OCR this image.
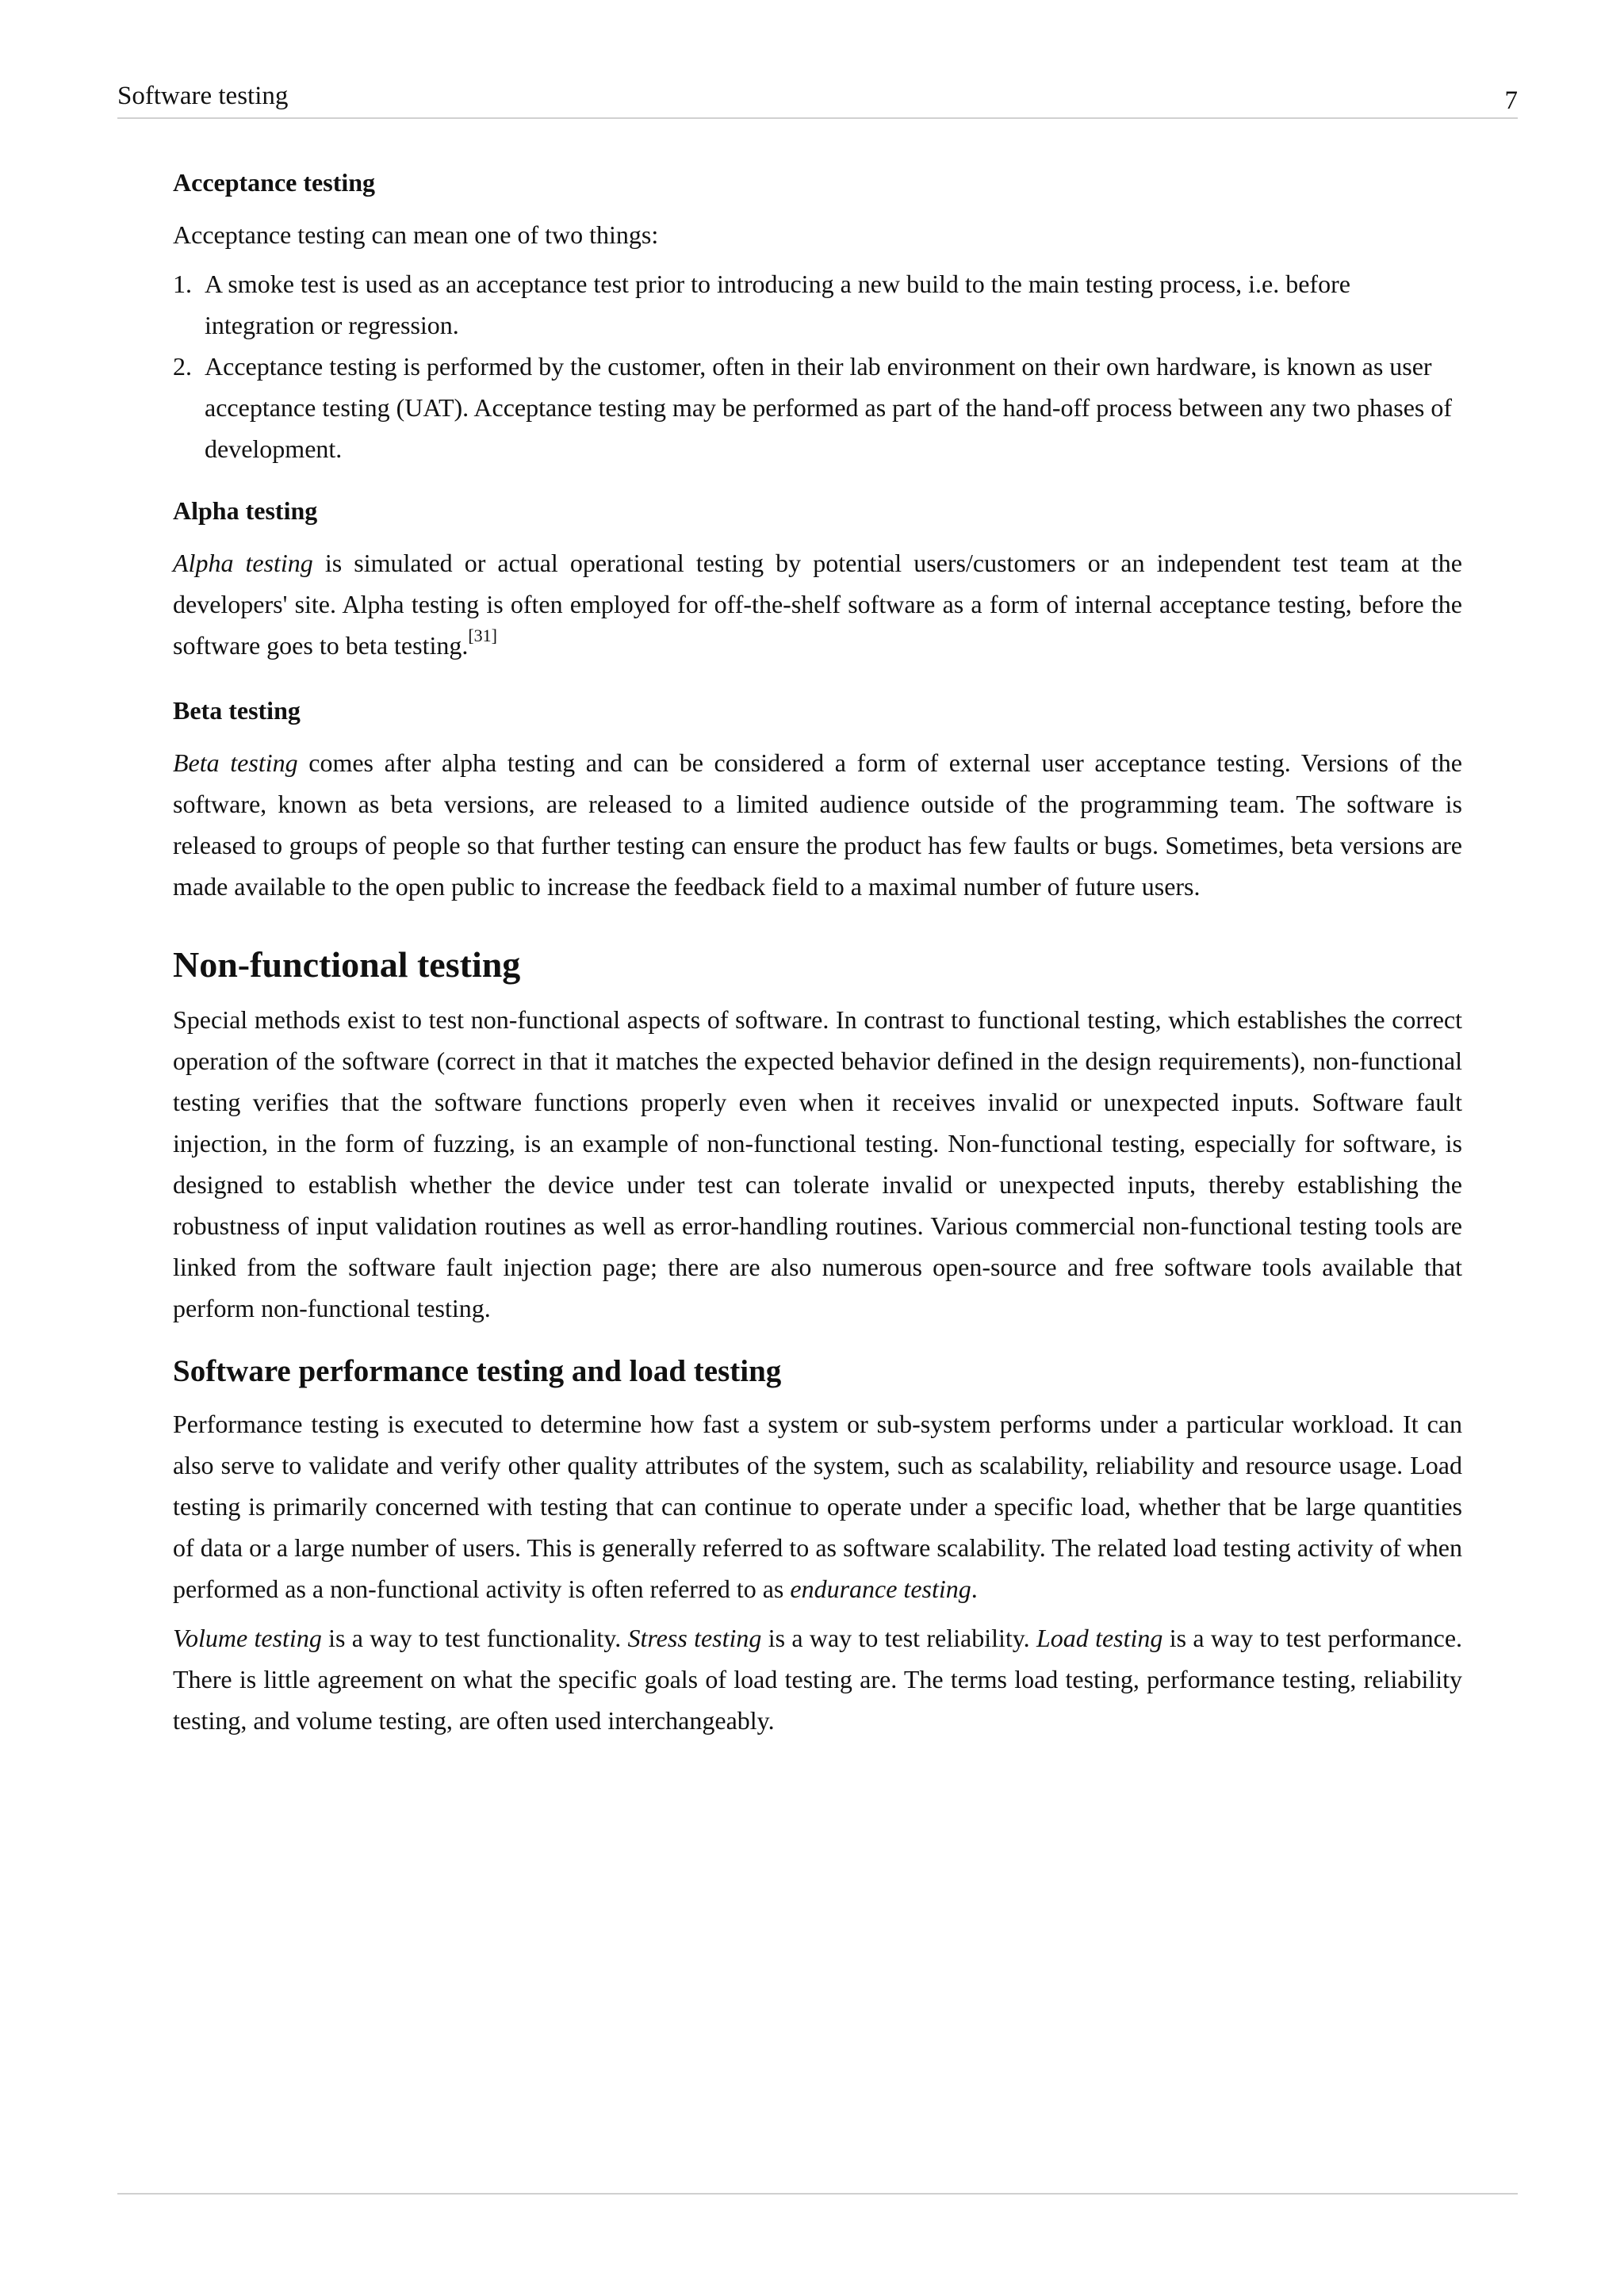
Software testing	7
Acceptance testing

Acceptance testing can mean one of two things:

1. A smoke test is used as an acceptance test prior to introducing a new build to the main testing process, i.e. before integration or regression.
2. Acceptance testing is performed by the customer, often in their lab environment on their own hardware, is known as user acceptance testing (UAT). Acceptance testing may be performed as part of the hand-off process between any two phases of development.
Alpha testing

Alpha testing is simulated or actual operational testing by potential users/customers or an independent test team at the developers' site. Alpha testing is often employed for off-the-shelf software as a form of internal acceptance testing, before the software goes to beta testing.[31]

Beta testing

Beta testing comes after alpha testing and can be considered a form of external user acceptance testing. Versions of the software, known as beta versions, are released to a limited audience outside of the programming team. The software is released to groups of people so that further testing can ensure the product has few faults or bugs. Sometimes, beta versions are made available to the open public to increase the feedback field to a maximal number of future users.

Non-functional testing

Special methods exist to test non-functional aspects of software. In contrast to functional testing, which establishes the correct operation of the software (correct in that it matches the expected behavior defined in the design requirements), non-functional testing verifies that the software functions properly even when it receives invalid or unexpected inputs. Software fault injection, in the form of fuzzing, is an example of non-functional testing. Non-functional testing, especially for software, is designed to establish whether the device under test can tolerate invalid or unexpected inputs, thereby establishing the robustness of input validation routines as well as error-handling routines. Various commercial non-functional testing tools are linked from the software fault injection page; there are also numerous open-source and free software tools available that perform non-functional testing.

Software performance testing and load testing

Performance testing is executed to determine how fast a system or sub-system performs under a particular workload. It can also serve to validate and verify other quality attributes of the system, such as scalability, reliability and resource usage. Load testing is primarily concerned with testing that can continue to operate under a specific load, whether that be large quantities of data or a large number of users. This is generally referred to as software scalability. The related load testing activity of when performed as a non-functional activity is often referred to as endurance testing.

Volume testing is a way to test functionality. Stress testing is a way to test reliability. Load testing is a way to test performance. There is little agreement on what the specific goals of load testing are. The terms load testing, performance testing, reliability testing, and volume testing, are often used interchangeably.
